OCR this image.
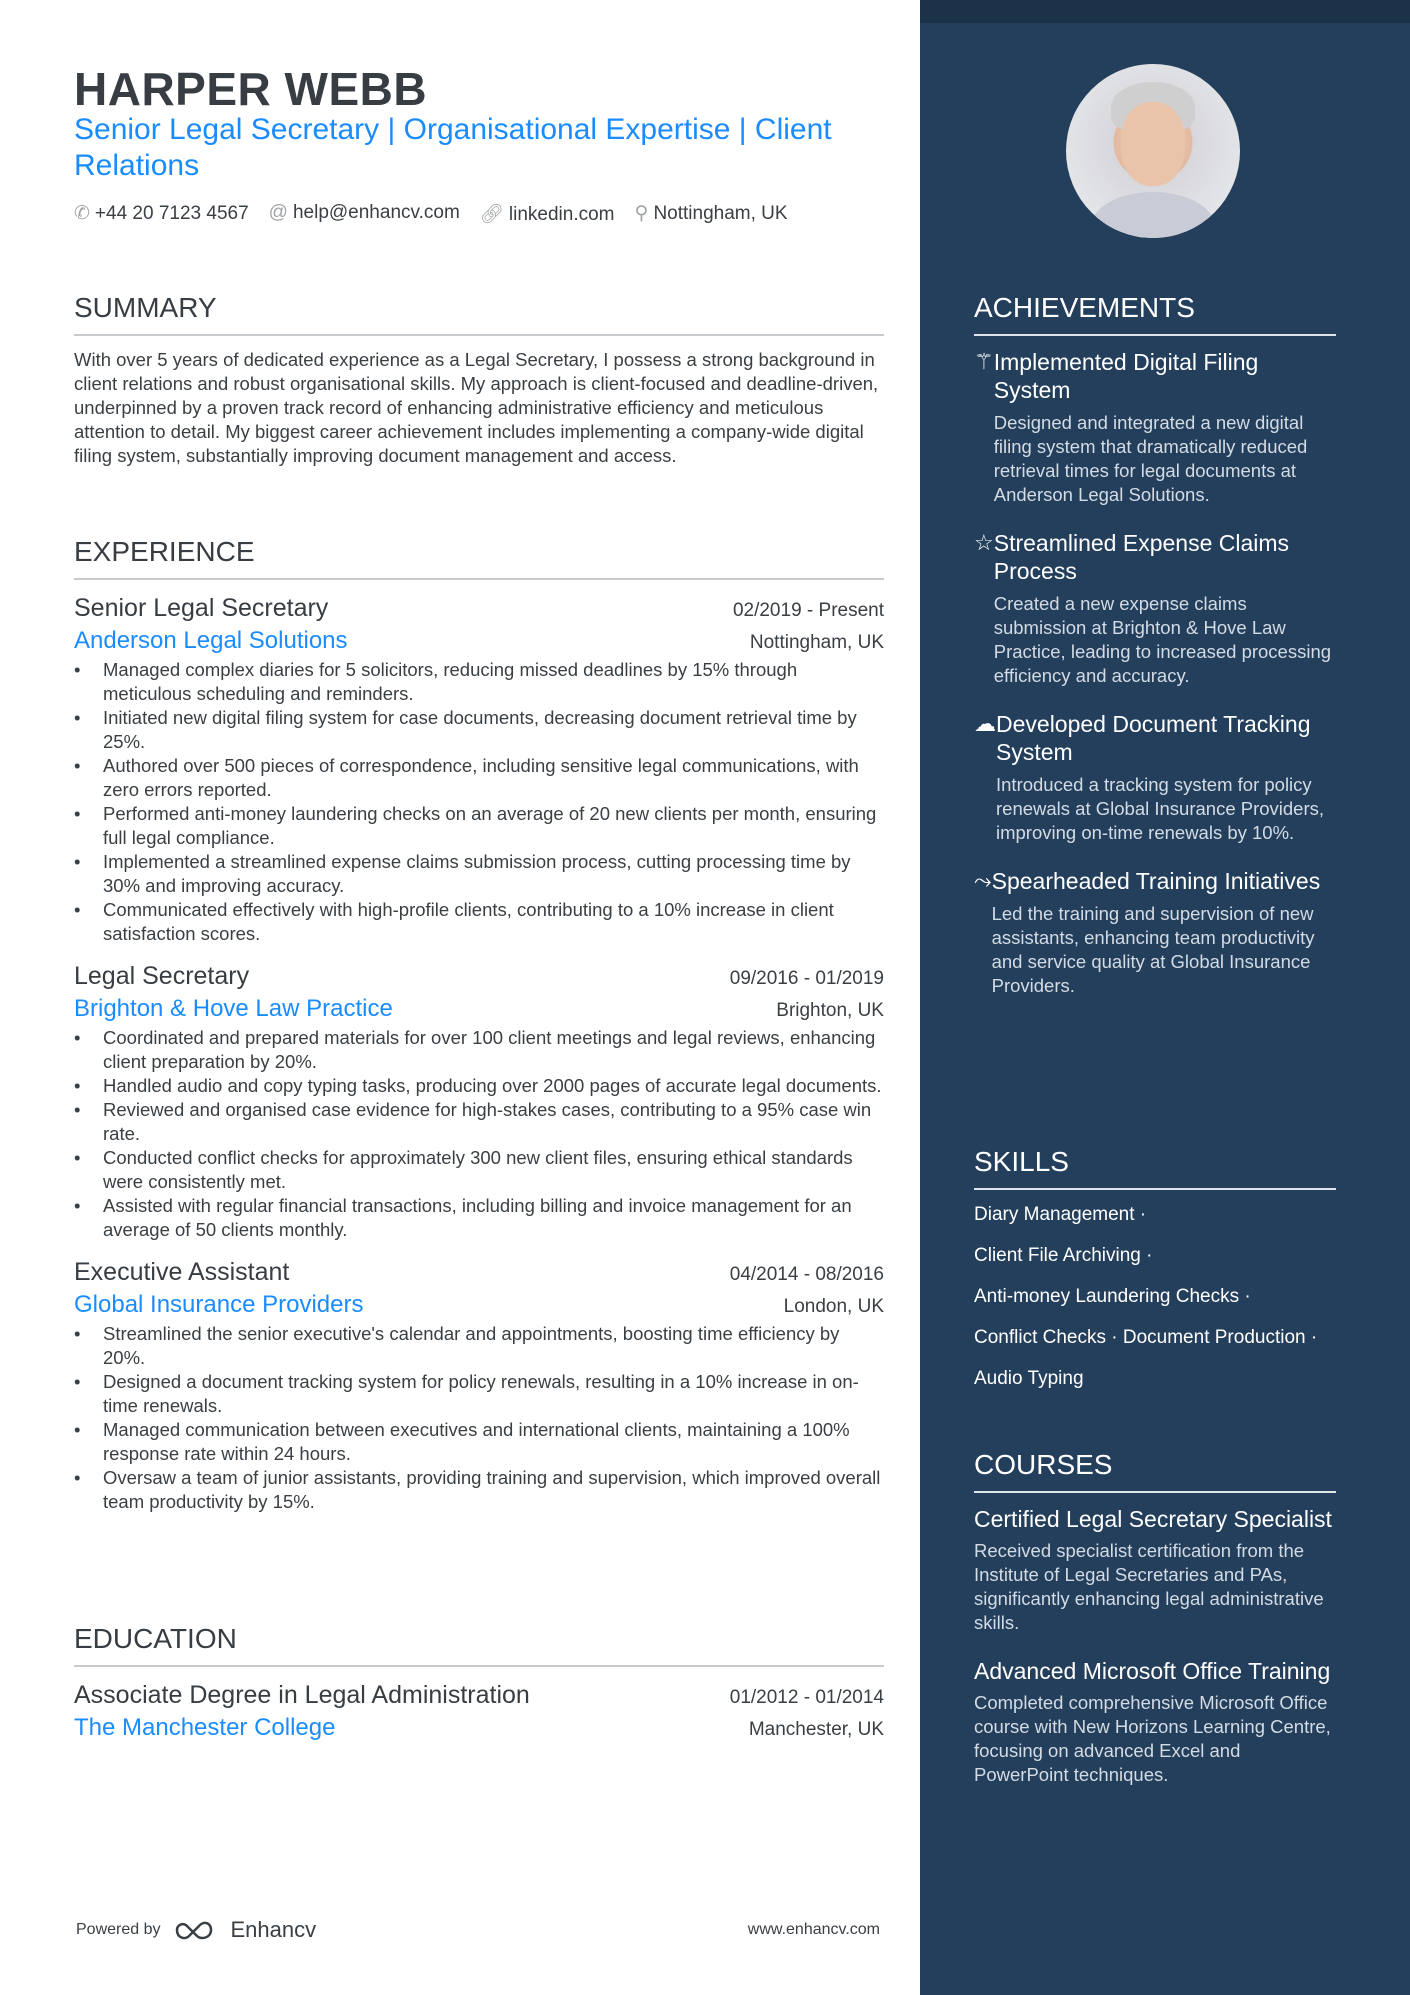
HARPER WEBB
Senior Legal Secretary | Organisational Expertise | Client Relations
✆ +44 20 7123 4567 @ help@enhancv.com 🔗︎ linkedin.com ⚲ Nottingham, UK
SUMMARY
With over 5 years of dedicated experience as a Legal Secretary, I possess a strong background in client relations and robust organisational skills. My approach is client-focused and deadline-driven, underpinned by a proven track record of enhancing administrative efficiency and meticulous attention to detail. My biggest career achievement includes implementing a company-wide digital filing system, substantially improving document management and access.
EXPERIENCE
Senior Legal Secretary	02/2019 - Present
Anderson Legal Solutions	Nottingham, UK
• Managed complex diaries for 5 solicitors, reducing missed deadlines by 15% through meticulous scheduling and reminders.
• Initiated new digital filing system for case documents, decreasing document retrieval time by 25%.
• Authored over 500 pieces of correspondence, including sensitive legal communications, with zero errors reported.
• Performed anti-money laundering checks on an average of 20 new clients per month, ensuring full legal compliance.
• Implemented a streamlined expense claims submission process, cutting processing time by 30% and improving accuracy.
• Communicated effectively with high-profile clients, contributing to a 10% increase in client satisfaction scores.
Legal Secretary	09/2016 - 01/2019
Brighton & Hove Law Practice	Brighton, UK
• Coordinated and prepared materials for over 100 client meetings and legal reviews, enhancing client preparation by 20%.
• Handled audio and copy typing tasks, producing over 2000 pages of accurate legal documents.
• Reviewed and organised case evidence for high-stakes cases, contributing to a 95% case win rate.
• Conducted conflict checks for approximately 300 new client files, ensuring ethical standards were consistently met.
• Assisted with regular financial transactions, including billing and invoice management for an average of 50 clients monthly.
Executive Assistant	04/2014 - 08/2016
Global Insurance Providers	London, UK
• Streamlined the senior executive's calendar and appointments, boosting time efficiency by 20%.
• Designed a document tracking system for policy renewals, resulting in a 10% increase in on-time renewals.
• Managed communication between executives and international clients, maintaining a 100% response rate within 24 hours.
• Oversaw a team of junior assistants, providing training and supervision, which improved overall team productivity by 15%.
EDUCATION
Associate Degree in Legal Administration	01/2012 - 01/2014
The Manchester College	Manchester, UK
Powered by	Enhancv	www.enhancv.com
ACHIEVEMENTS
⚚ Implemented Digital Filing System
Designed and integrated a new digital filing system that dramatically reduced retrieval times for legal documents at Anderson Legal Solutions.
☆ Streamlined Expense Claims Process
Created a new expense claims submission at Brighton & Hove Law Practice, leading to increased processing efficiency and accuracy.
☁ Developed Document Tracking System
Introduced a tracking system for policy renewals at Global Insurance Providers, improving on-time renewals by 10%.
⤳ Spearheaded Training Initiatives
Led the training and supervision of new assistants, enhancing team productivity and service quality at Global Insurance Providers.
SKILLS
Diary Management ·
Client File Archiving ·
Anti-money Laundering Checks ·
Conflict Checks · Document Production ·
Audio Typing
COURSES
Certified Legal Secretary Specialist
Received specialist certification from the Institute of Legal Secretaries and PAs, significantly enhancing legal administrative skills.
Advanced Microsoft Office Training
Completed comprehensive Microsoft Office course with New Horizons Learning Centre, focusing on advanced Excel and PowerPoint techniques.
